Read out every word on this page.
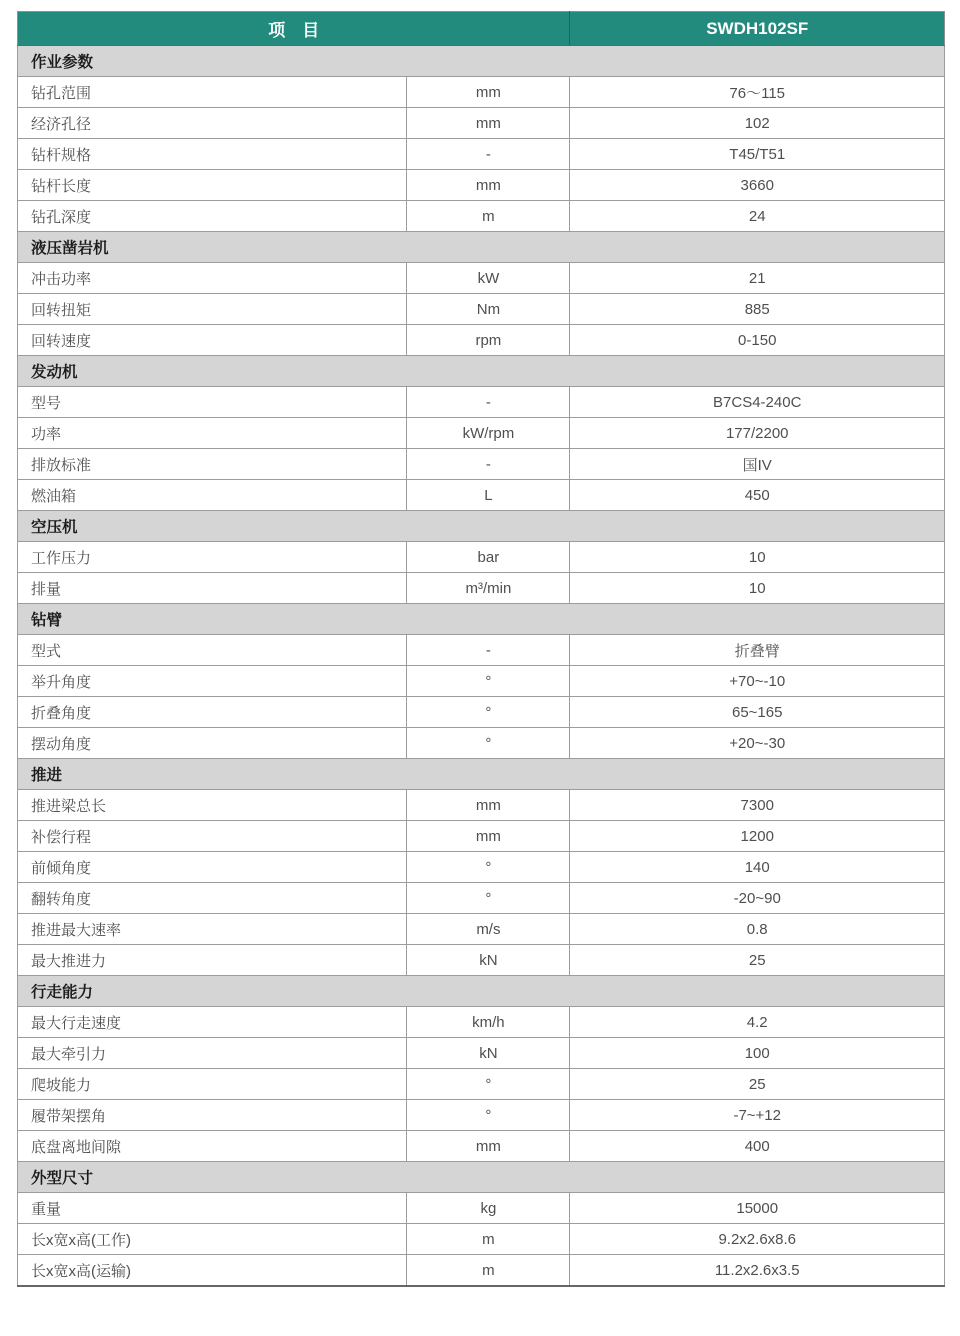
项　目		SWDH102SF
作业参数		
钻孔范围	mm	76～115
经济孔径	mm	102
钻杆规格	-	T45/T51
钻杆长度	mm	3660
钻孔深度	m	24
液压凿岩机		
冲击功率	kW	21
回转扭矩	Nm	885
回转速度	rpm	0-150
发动机		
型号	-	B7CS4-240C
功率	kW/rpm	177/2200
排放标准	-	国IV
燃油箱	L	450
空压机		
工作压力	bar	10
排量	m³/min	10
钻臂		
型式	-	折叠臂
举升角度	°	+70~-10
折叠角度	°	65~165
摆动角度	°	+20~-30
推进		
推进梁总长	mm	7300
补偿行程	mm	1200
前倾角度	°	140
翻转角度	°	-20~90
推进最大速率	m/s	0.8
最大推进力	kN	25
行走能力		
最大行走速度	km/h	4.2
最大牵引力	kN	100
爬坡能力	°	25
履带架摆角	°	-7~+12
底盘离地间隙	mm	400
外型尺寸		
重量	kg	15000
长x宽x高(工作)	m	9.2x2.6x8.6
长x宽x高(运输)	m	11.2x2.6x3.5
